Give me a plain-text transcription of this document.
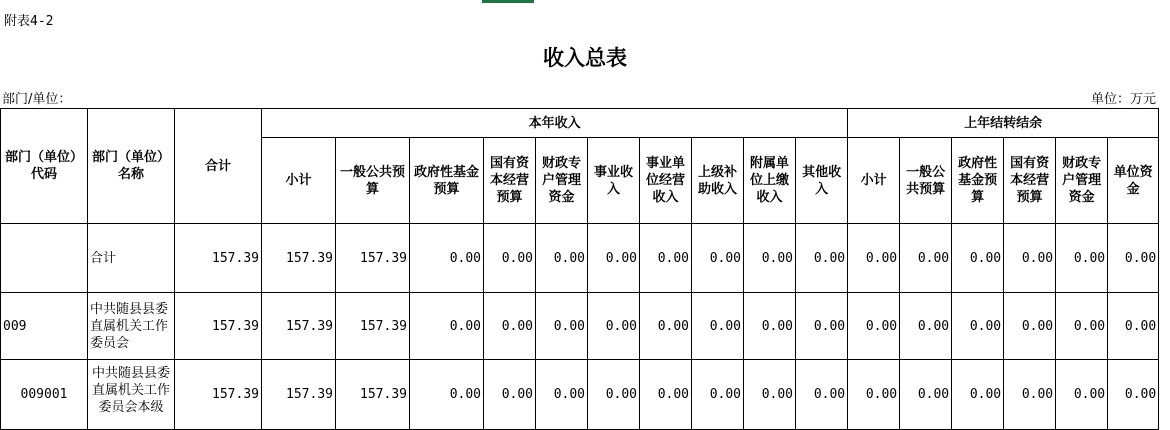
附表4-2
收入总表
部门/单位：	单位：万元
部门（单位）代码	部门（单位）名称	合计	本年收入										上年结转结余					
			小计	一般公共预算	政府性基金预算	国有资本经营预算	财政专户管理资金	事业收入	事业单位经营收入	上级补助收入	附属单位上缴收入	其他收入	小计	一般公共预算	政府性基金预算	国有资本经营预算	财政专户管理资金	单位资金
	合计	157.39	157.39	157.39	0.00	0.00	0.00	0.00	0.00	0.00	0.00	0.00	0.00	0.00	0.00	0.00	0.00	0.00
009	中共随县县委直属机关工作委员会	157.39	157.39	157.39	0.00	0.00	0.00	0.00	0.00	0.00	0.00	0.00	0.00	0.00	0.00	0.00	0.00	0.00
009001	中共随县县委直属机关工作委员会本级	157.39	157.39	157.39	0.00	0.00	0.00	0.00	0.00	0.00	0.00	0.00	0.00	0.00	0.00	0.00	0.00	0.00
